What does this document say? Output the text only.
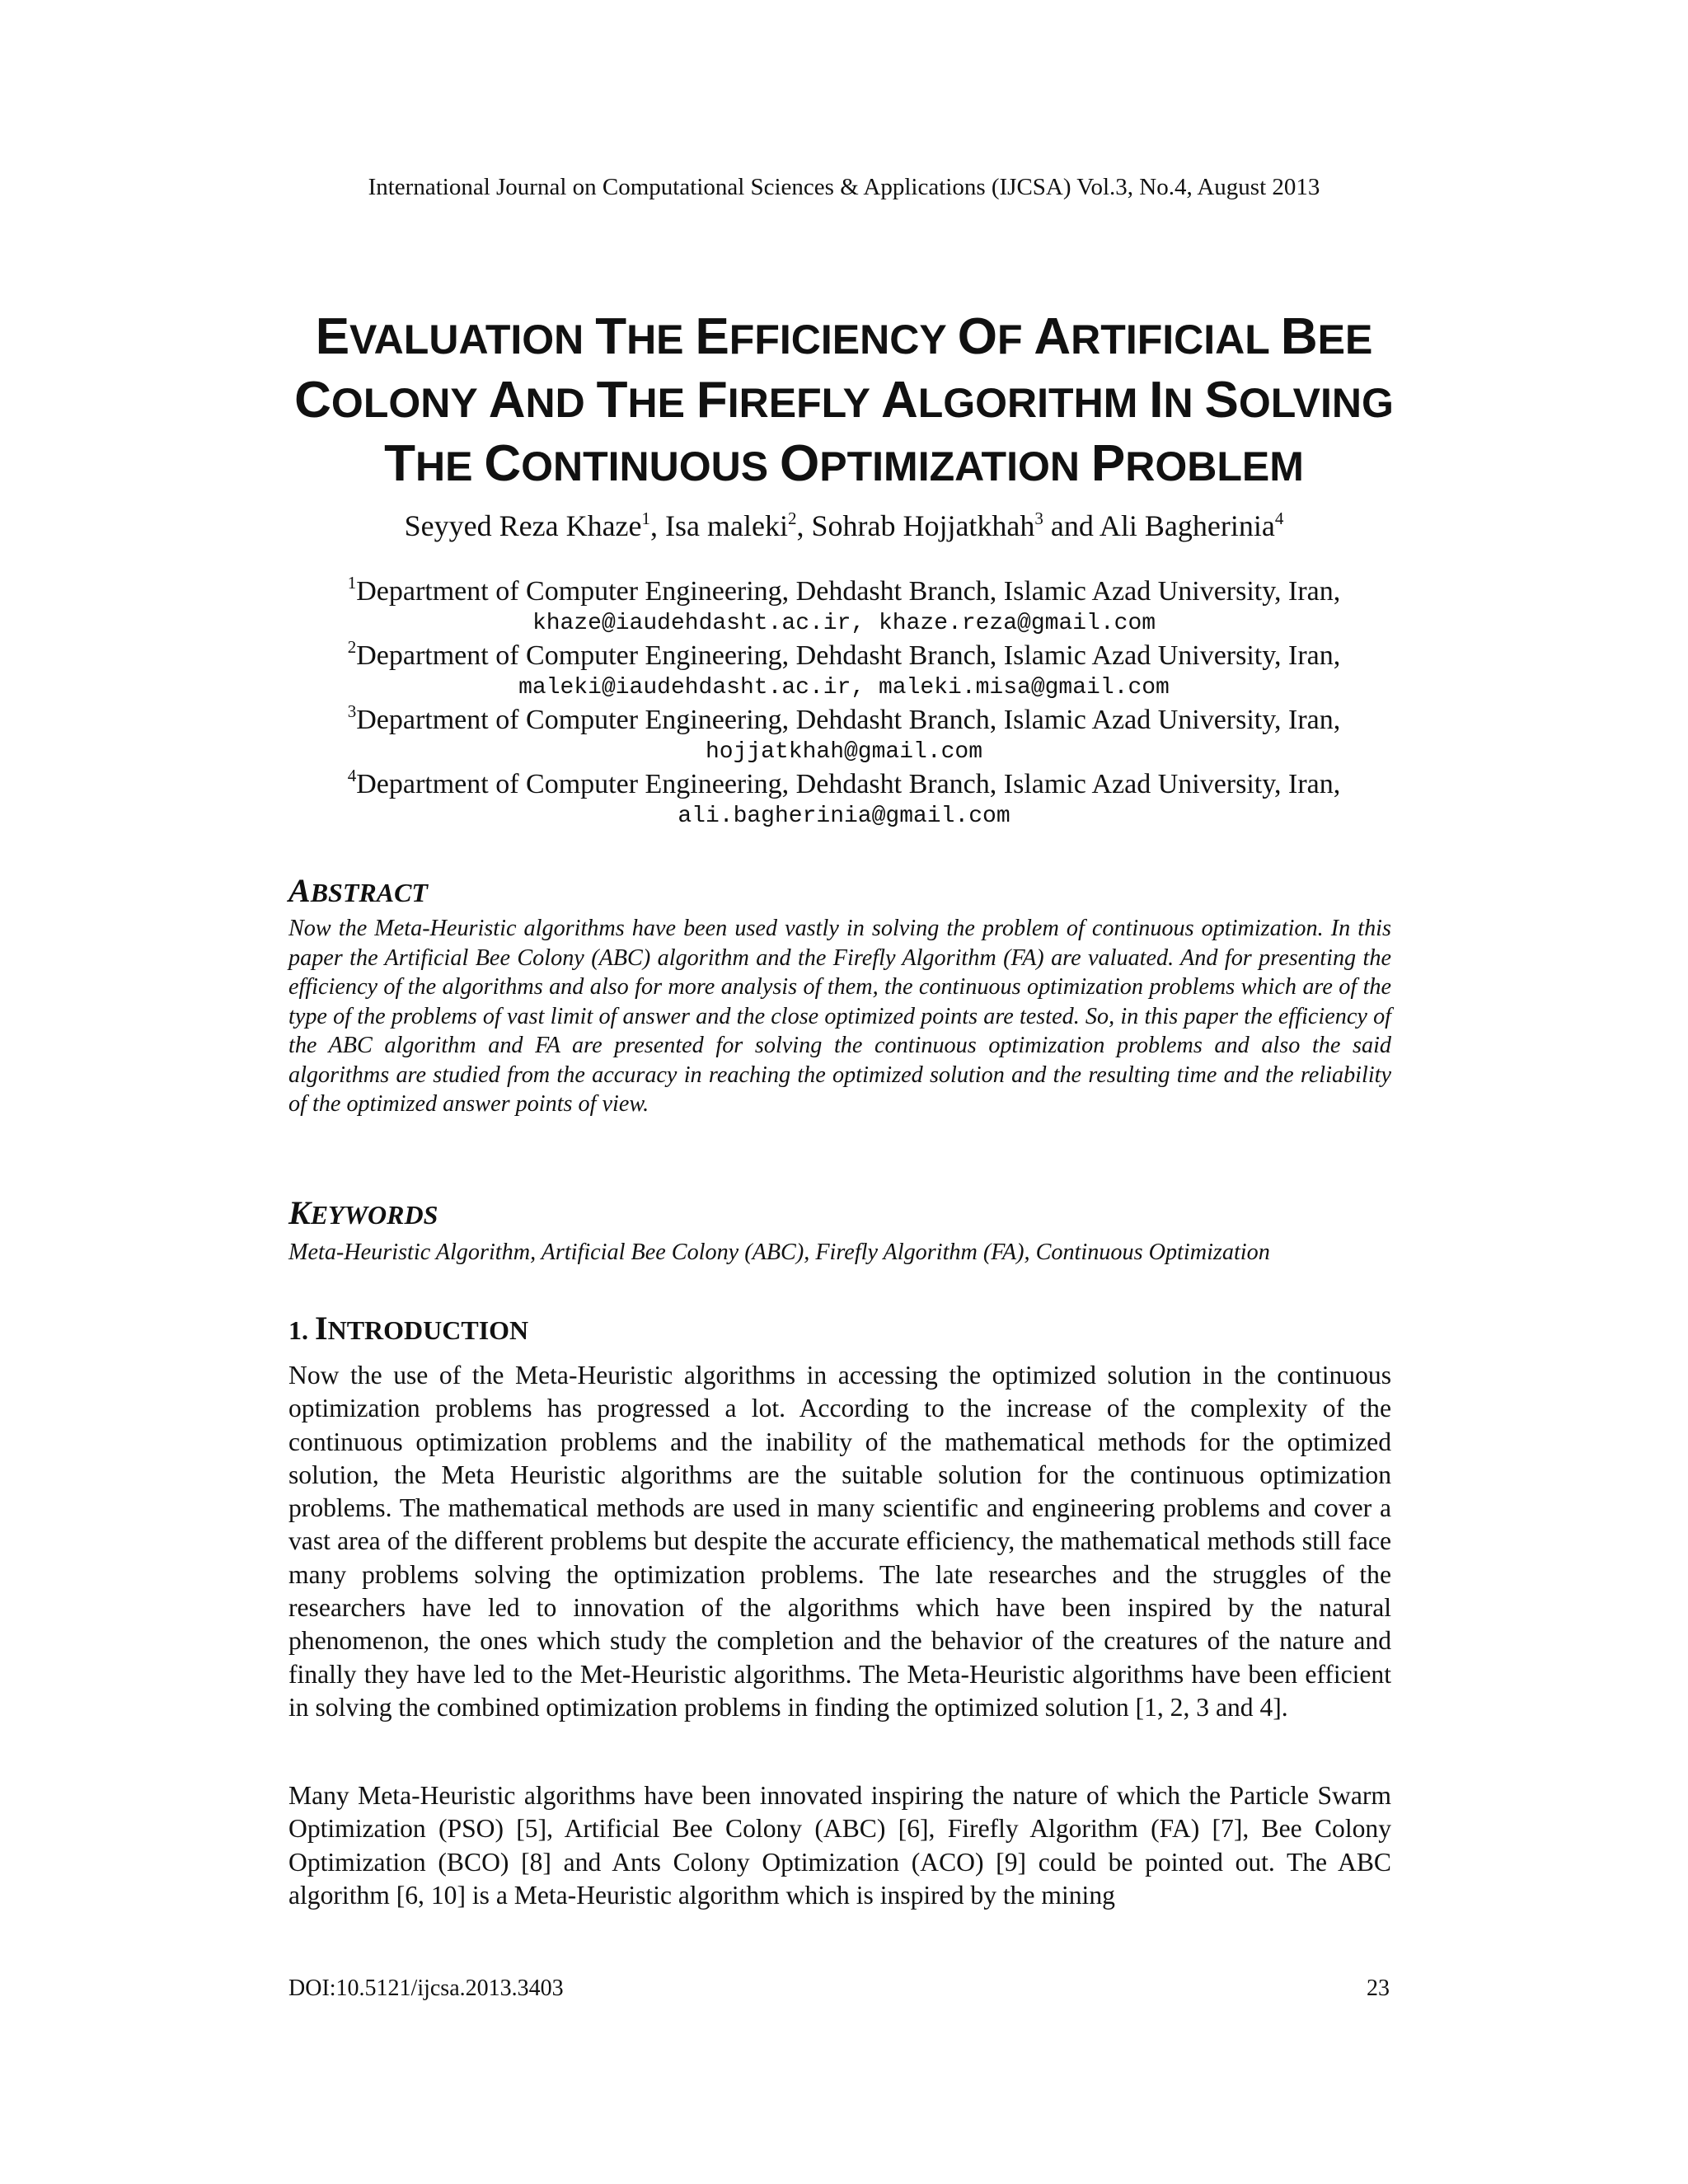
International Journal on Computational Sciences & Applications (IJCSA) Vol.3, No.4, August 2013
EVALUATION THE EFFICIENCY OF ARTIFICIAL BEE
COLONY AND THE FIREFLY ALGORITHM IN SOLVING
THE CONTINUOUS OPTIMIZATION PROBLEM
Seyyed Reza Khaze$^1$, Isa maleki$^2$, Sohrab Hojjatkhah$^3$ and Ali Bagherinia$^4$
$^1$Department of Computer Engineering, Dehdasht Branch, Islamic Azad University, Iran,
khaze@iaudehdasht.ac.ir, khaze.reza@gmail.com
$^2$Department of Computer Engineering, Dehdasht Branch, Islamic Azad University, Iran,
maleki@iaudehdasht.ac.ir, maleki.misa@gmail.com
$^3$Department of Computer Engineering, Dehdasht Branch, Islamic Azad University, Iran,
hojjatkhah@gmail.com
$^4$Department of Computer Engineering, Dehdasht Branch, Islamic Azad University, Iran,
ali.bagherinia@gmail.com
ABSTRACT

Now the Meta-Heuristic algorithms have been used vastly in solving the problem of continuous optimization. In this paper the Artificial Bee Colony (ABC) algorithm and the Firefly Algorithm (FA) are valuated. And for presenting the efficiency of the algorithms and also for more analysis of them, the continuous optimization problems which are of the type of the problems of vast limit of answer and the close optimized points are tested. So, in this paper the efficiency of the ABC algorithm and FA are presented for solving the continuous optimization problems and also the said algorithms are studied from the accuracy in reaching the optimized solution and the resulting time and the reliability of the optimized answer points of view.

KEYWORDS

Meta-Heuristic Algorithm, Artificial Bee Colony (ABC), Firefly Algorithm (FA), Continuous Optimization

1. INTRODUCTION

Now the use of the Meta-Heuristic algorithms in accessing the optimized solution in the continuous optimization problems has progressed a lot. According to the increase of the complexity of the continuous optimization problems and the inability of the mathematical methods for the optimized solution, the Meta Heuristic algorithms are the suitable solution for the continuous optimization problems. The mathematical methods are used in many scientific and engineering problems and cover a vast area of the different problems but despite the accurate efficiency, the mathematical methods still face many problems solving the optimization problems. The late researches and the struggles of the researchers have led to innovation of the algorithms which have been inspired by the natural phenomenon, the ones which study the completion and the behavior of the creatures of the nature and finally they have led to the Met-Heuristic algorithms. The Meta-Heuristic algorithms have been efficient in solving the combined optimization problems in finding the optimized solution [1, 2, 3 and 4].

Many Meta-Heuristic algorithms have been innovated inspiring the nature of which the Particle Swarm Optimization (PSO) [5], Artificial Bee Colony (ABC) [6], Firefly Algorithm (FA) [7], Bee Colony Optimization (BCO) [8] and Ants Colony Optimization (ACO) [9] could be pointed out. The ABC algorithm [6, 10] is a Meta-Heuristic algorithm which is inspired by the mining

DOI:10.5121/ijcsa.2013.3403	23
